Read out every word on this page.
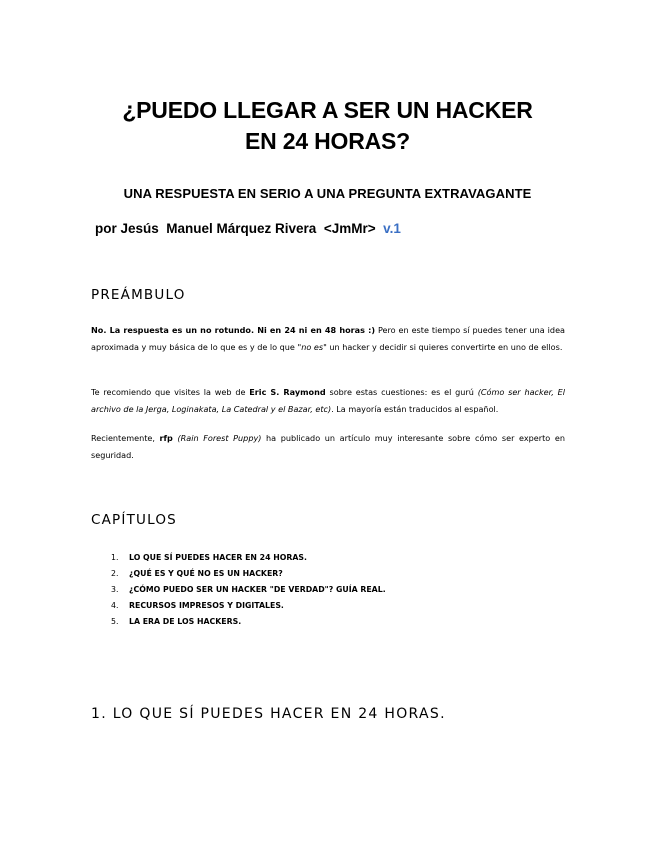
¿PUEDO LLEGAR A SER UN HACKER
EN 24 HORAS?
UNA RESPUESTA EN SERIO A UNA PREGUNTA EXTRAVAGANTE
por Jesús  Manuel Márquez Rivera  <JmMr>  v.1
PREÁMBULO
No. La respuesta es un no rotundo. Ni en 24 ni en 48 horas :) Pero en este tiempo sí puedes tener una idea aproximada y muy básica de lo que es y de lo que "no es" un hacker y decidir si quieres convertirte en uno de ellos.
Te recomiendo que visites la web de Eric S. Raymond sobre estas cuestiones: es el gurú (Cómo ser hacker, El archivo de la Jerga, Loginakata, La Catedral y el Bazar, etc). La mayoría están traducidos al español.
Recientemente, rfp (Rain Forest Puppy) ha publicado un artículo muy interesante sobre cómo ser experto en seguridad.
CAPÍTULOS
1. LO QUE SÍ PUEDES HACER EN 24 HORAS.
2. ¿QUÉ ES Y QUÉ NO ES UN HACKER?
3. ¿CÓMO PUEDO SER UN HACKER "DE VERDAD"? GUÍA REAL.
4. RECURSOS IMPRESOS Y DIGITALES.
5. LA ERA DE LOS HACKERS.
1. LO QUE SÍ PUEDES HACER EN 24 HORAS.
